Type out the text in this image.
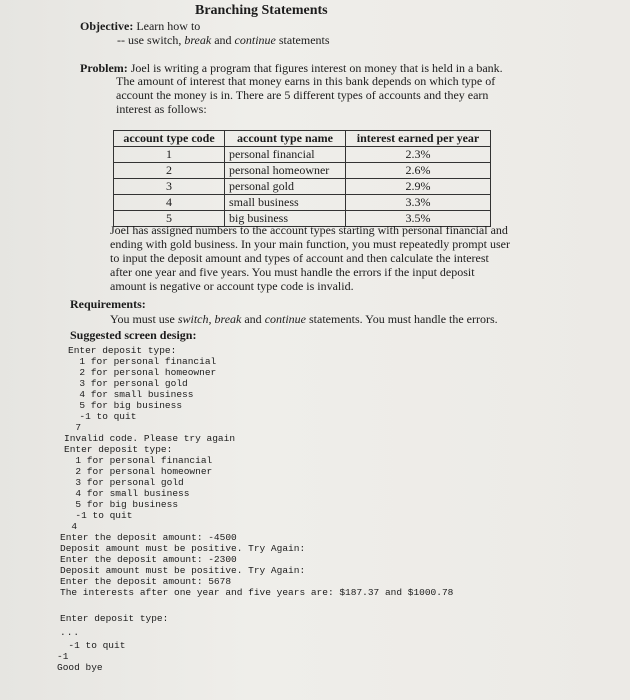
Branching Statements
Objective: Learn how to
-- use switch, break and continue statements
Problem: Joel is writing a program that figures interest on money that is held in a bank.
The amount of interest that money earns in this bank depends on which type of
account the money is in. There are 5 different types of accounts and they earn
interest as follows:
account type code	account type name	interest earned per year
1	personal financial	2.3%
2	personal homeowner	2.6%
3	personal gold	2.9%
4	small business	3.3%
5	big business	3.5%
Joel has assigned numbers to the account types starting with personal financial and
ending with gold business. In your main function, you must repeatedly prompt user
to input the deposit amount and types of account and then calculate the interest
after one year and five years. You must handle the errors if the input deposit
amount is negative or account type code is invalid.
Requirements:
You must use switch, break and continue statements. You must handle the errors.
Suggested screen design:
Enter deposit type:
1 for personal financial
2 for personal homeowner
3 for personal gold
4 for small business
5 for big business
-1 to quit
7
Invalid code. Please try again
Enter deposit type:
1 for personal financial
2 for personal homeowner
3 for personal gold
4 for small business
5 for big business
-1 to quit
4
Enter the deposit amount: -4500
Deposit amount must be positive. Try Again:
Enter the deposit amount: -2300
Deposit amount must be positive. Try Again:
Enter the deposit amount: 5678
The interests after one year and five years are: $187.37 and $1000.78
Enter deposit type:
...
-1 to quit
-1
Good bye
